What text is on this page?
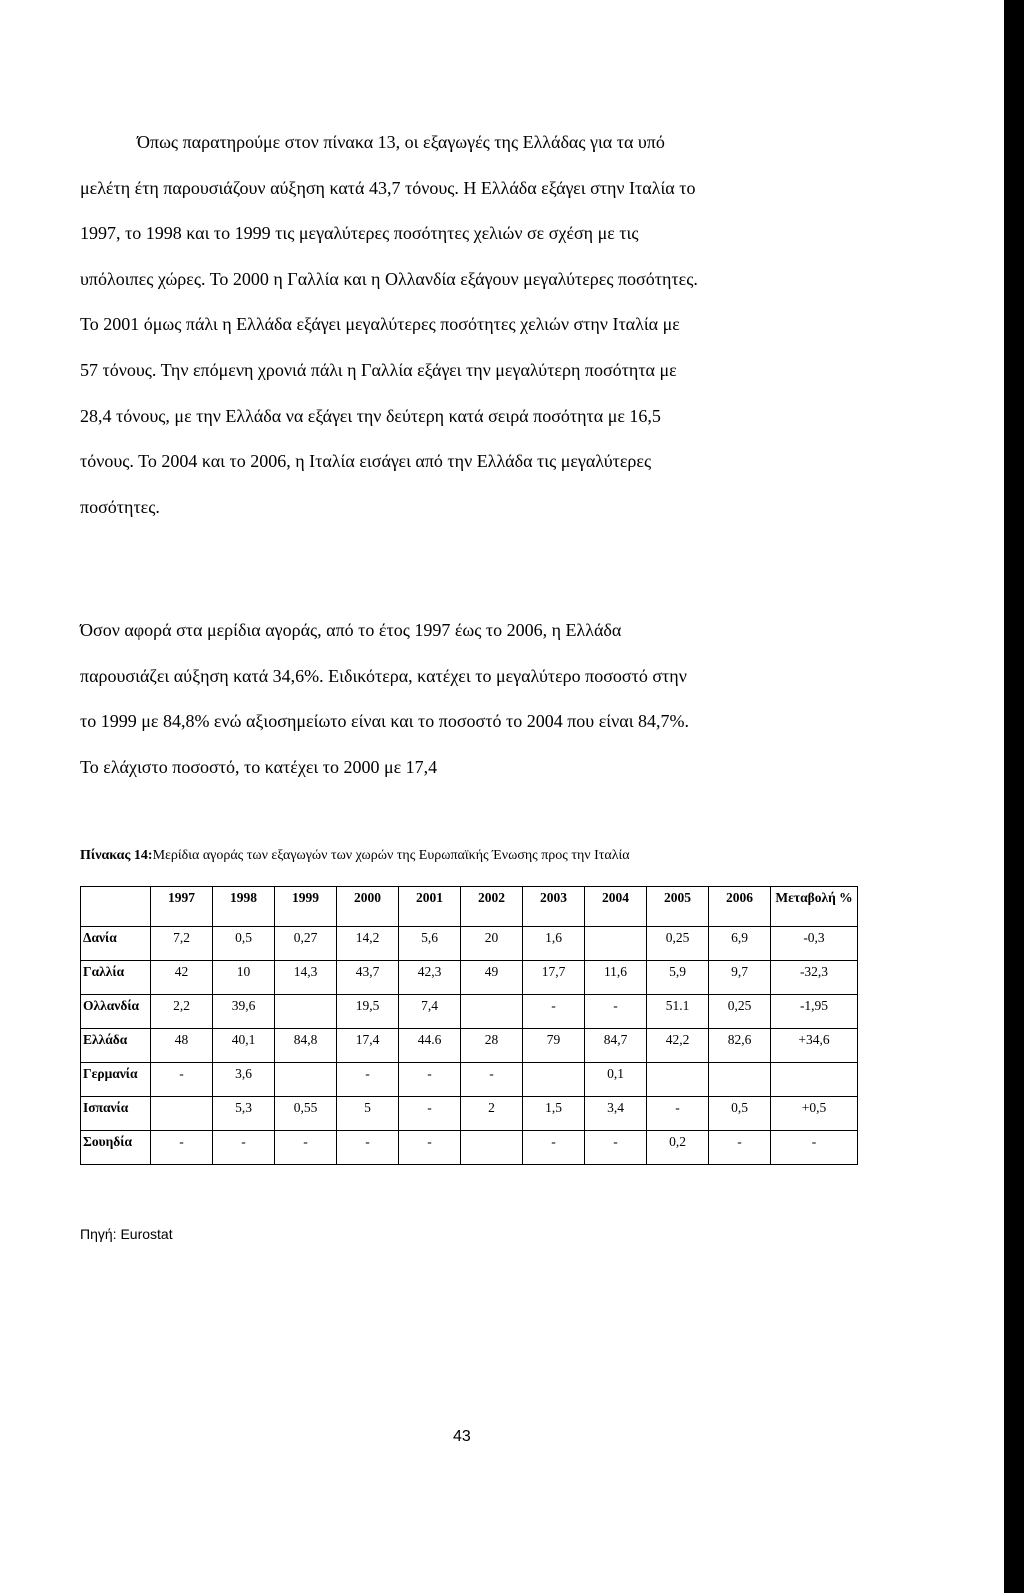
Όπως παρατηρούμε στον πίνακα 13, οι εξαγωγές της Ελλάδας για τα υπό
μελέτη έτη παρουσιάζουν αύξηση κατά 43,7 τόνους. Η Ελλάδα εξάγει στην Ιταλία το
1997, το 1998 και το 1999 τις μεγαλύτερες ποσότητες χελιών σε σχέση με τις
υπόλοιπες χώρες. Το 2000 η Γαλλία και η Ολλανδία εξάγουν μεγαλύτερες ποσότητες.
Το 2001 όμως πάλι η Ελλάδα εξάγει μεγαλύτερες ποσότητες χελιών στην Ιταλία με
57 τόνους. Την επόμενη χρονιά πάλι η Γαλλία εξάγει την μεγαλύτερη ποσότητα με
28,4 τόνους, με την Ελλάδα να εξάγει την δεύτερη κατά σειρά ποσότητα με 16,5
τόνους. Το 2004 και το 2006, η Ιταλία εισάγει από την Ελλάδα τις μεγαλύτερες
ποσότητες.

Όσον αφορά στα μερίδια αγοράς, από το έτος 1997 έως το 2006, η Ελλάδα
παρουσιάζει αύξηση κατά 34,6%. Ειδικότερα, κατέχει το μεγαλύτερο ποσοστό στην
το 1999 με 84,8% ενώ αξιοσημείωτο είναι και το ποσοστό το 2004 που είναι 84,7%.
Το ελάχιστο ποσοστό, το κατέχει το 2000 με 17,4

Πίνακας 14:Μερίδια αγοράς των εξαγωγών των χωρών της Ευρωπαϊκής Ένωσης προς την Ιταλία
	1997	1998	1999	2000	2001	2002	2003	2004	2005	2006	Μεταβολή %
Δανία	7,2	0,5	0,27	14,2	5,6	20	1,6		0,25	6,9	-0,3
Γαλλία	42	10	14,3	43,7	42,3	49	17,7	11,6	5,9	9,7	-32,3
Ολλανδία	2,2	39,6		19,5	7,4		-	-	51.1	0,25	-1,95
Ελλάδα	48	40,1	84,8	17,4	44.6	28	79	84,7	42,2	82,6	+34,6
Γερμανία	-	3,6		-	-	-		0,1			
Ισπανία		5,3	0,55	5	-	2	1,5	3,4	-	0,5	+0,5
Σουηδία	-	-	-	-	-		-	-	0,2	-	-
Πηγή: Eurostat
43
